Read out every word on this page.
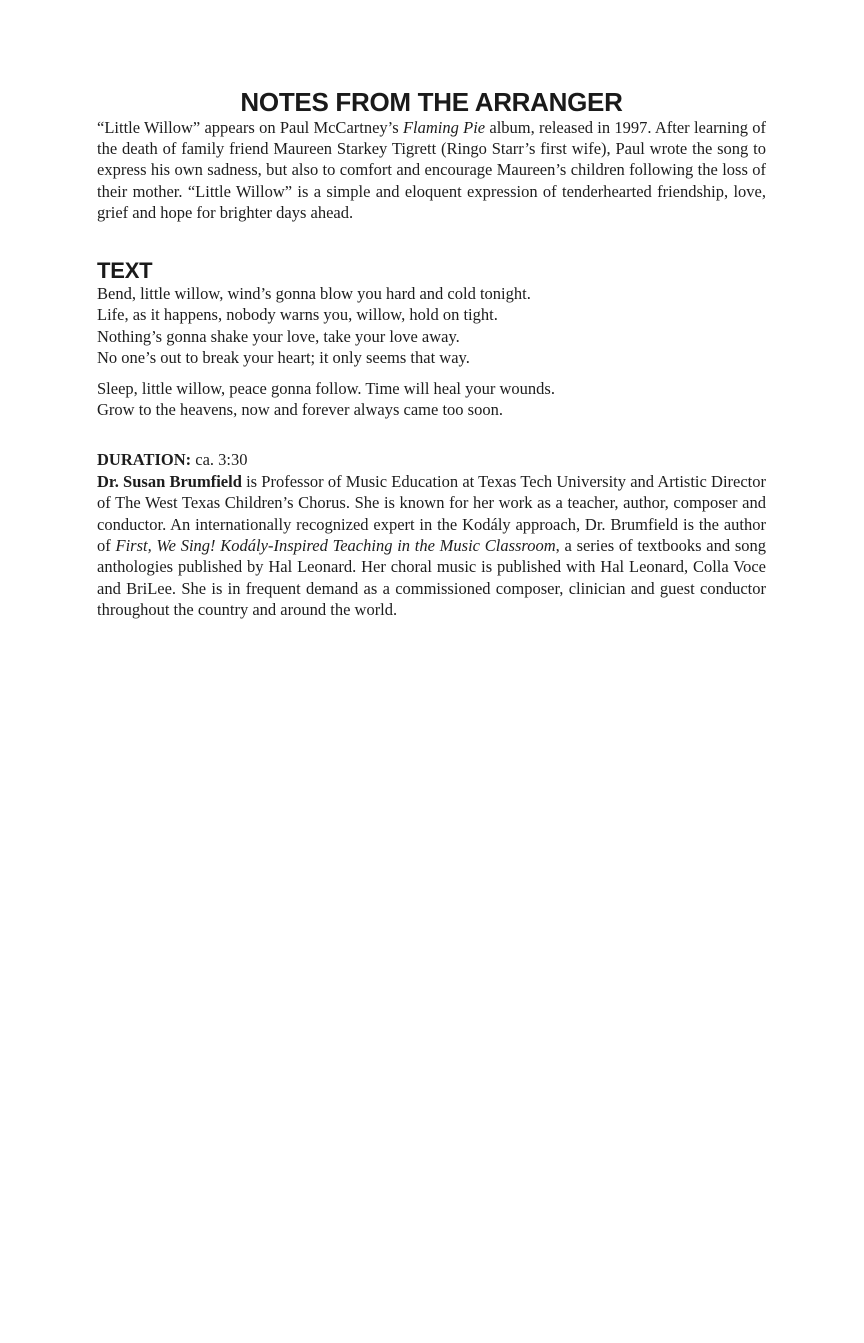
NOTES FROM THE ARRANGER

“Little Willow” appears on Paul McCartney’s Flaming Pie album, released in 1997. After learning of the death of family friend Maureen Starkey Tigrett (Ringo Starr’s first wife), Paul wrote the song to express his own sadness, but also to comfort and encourage Maureen’s children following the loss of their mother. “Little Willow” is a simple and eloquent expression of tenderhearted friendship, love, grief and hope for brighter days ahead.

TEXT
Bend, little willow, wind’s gonna blow you hard and cold tonight.
Life, as it happens, nobody warns you, willow, hold on tight.
Nothing’s gonna shake your love, take your love away.
No one’s out to break your heart; it only seems that way.
Sleep, little willow, peace gonna follow. Time will heal your wounds.
Grow to the heavens, now and forever always came too soon.

DURATION: ca. 3:30

Dr. Susan Brumfield is Professor of Music Education at Texas Tech University and Artistic Director of The West Texas Children’s Chorus. She is known for her work as a teacher, author, composer and conductor. An internationally recognized expert in the Kodály approach, Dr. Brumfield is the author of First, We Sing! Kodály-Inspired Teaching in the Music Classroom, a series of textbooks and song anthologies published by Hal Leonard. Her choral music is published with Hal Leonard, Colla Voce and BriLee. She is in frequent demand as a commissioned composer, clinician and guest conductor throughout the country and around the world.
